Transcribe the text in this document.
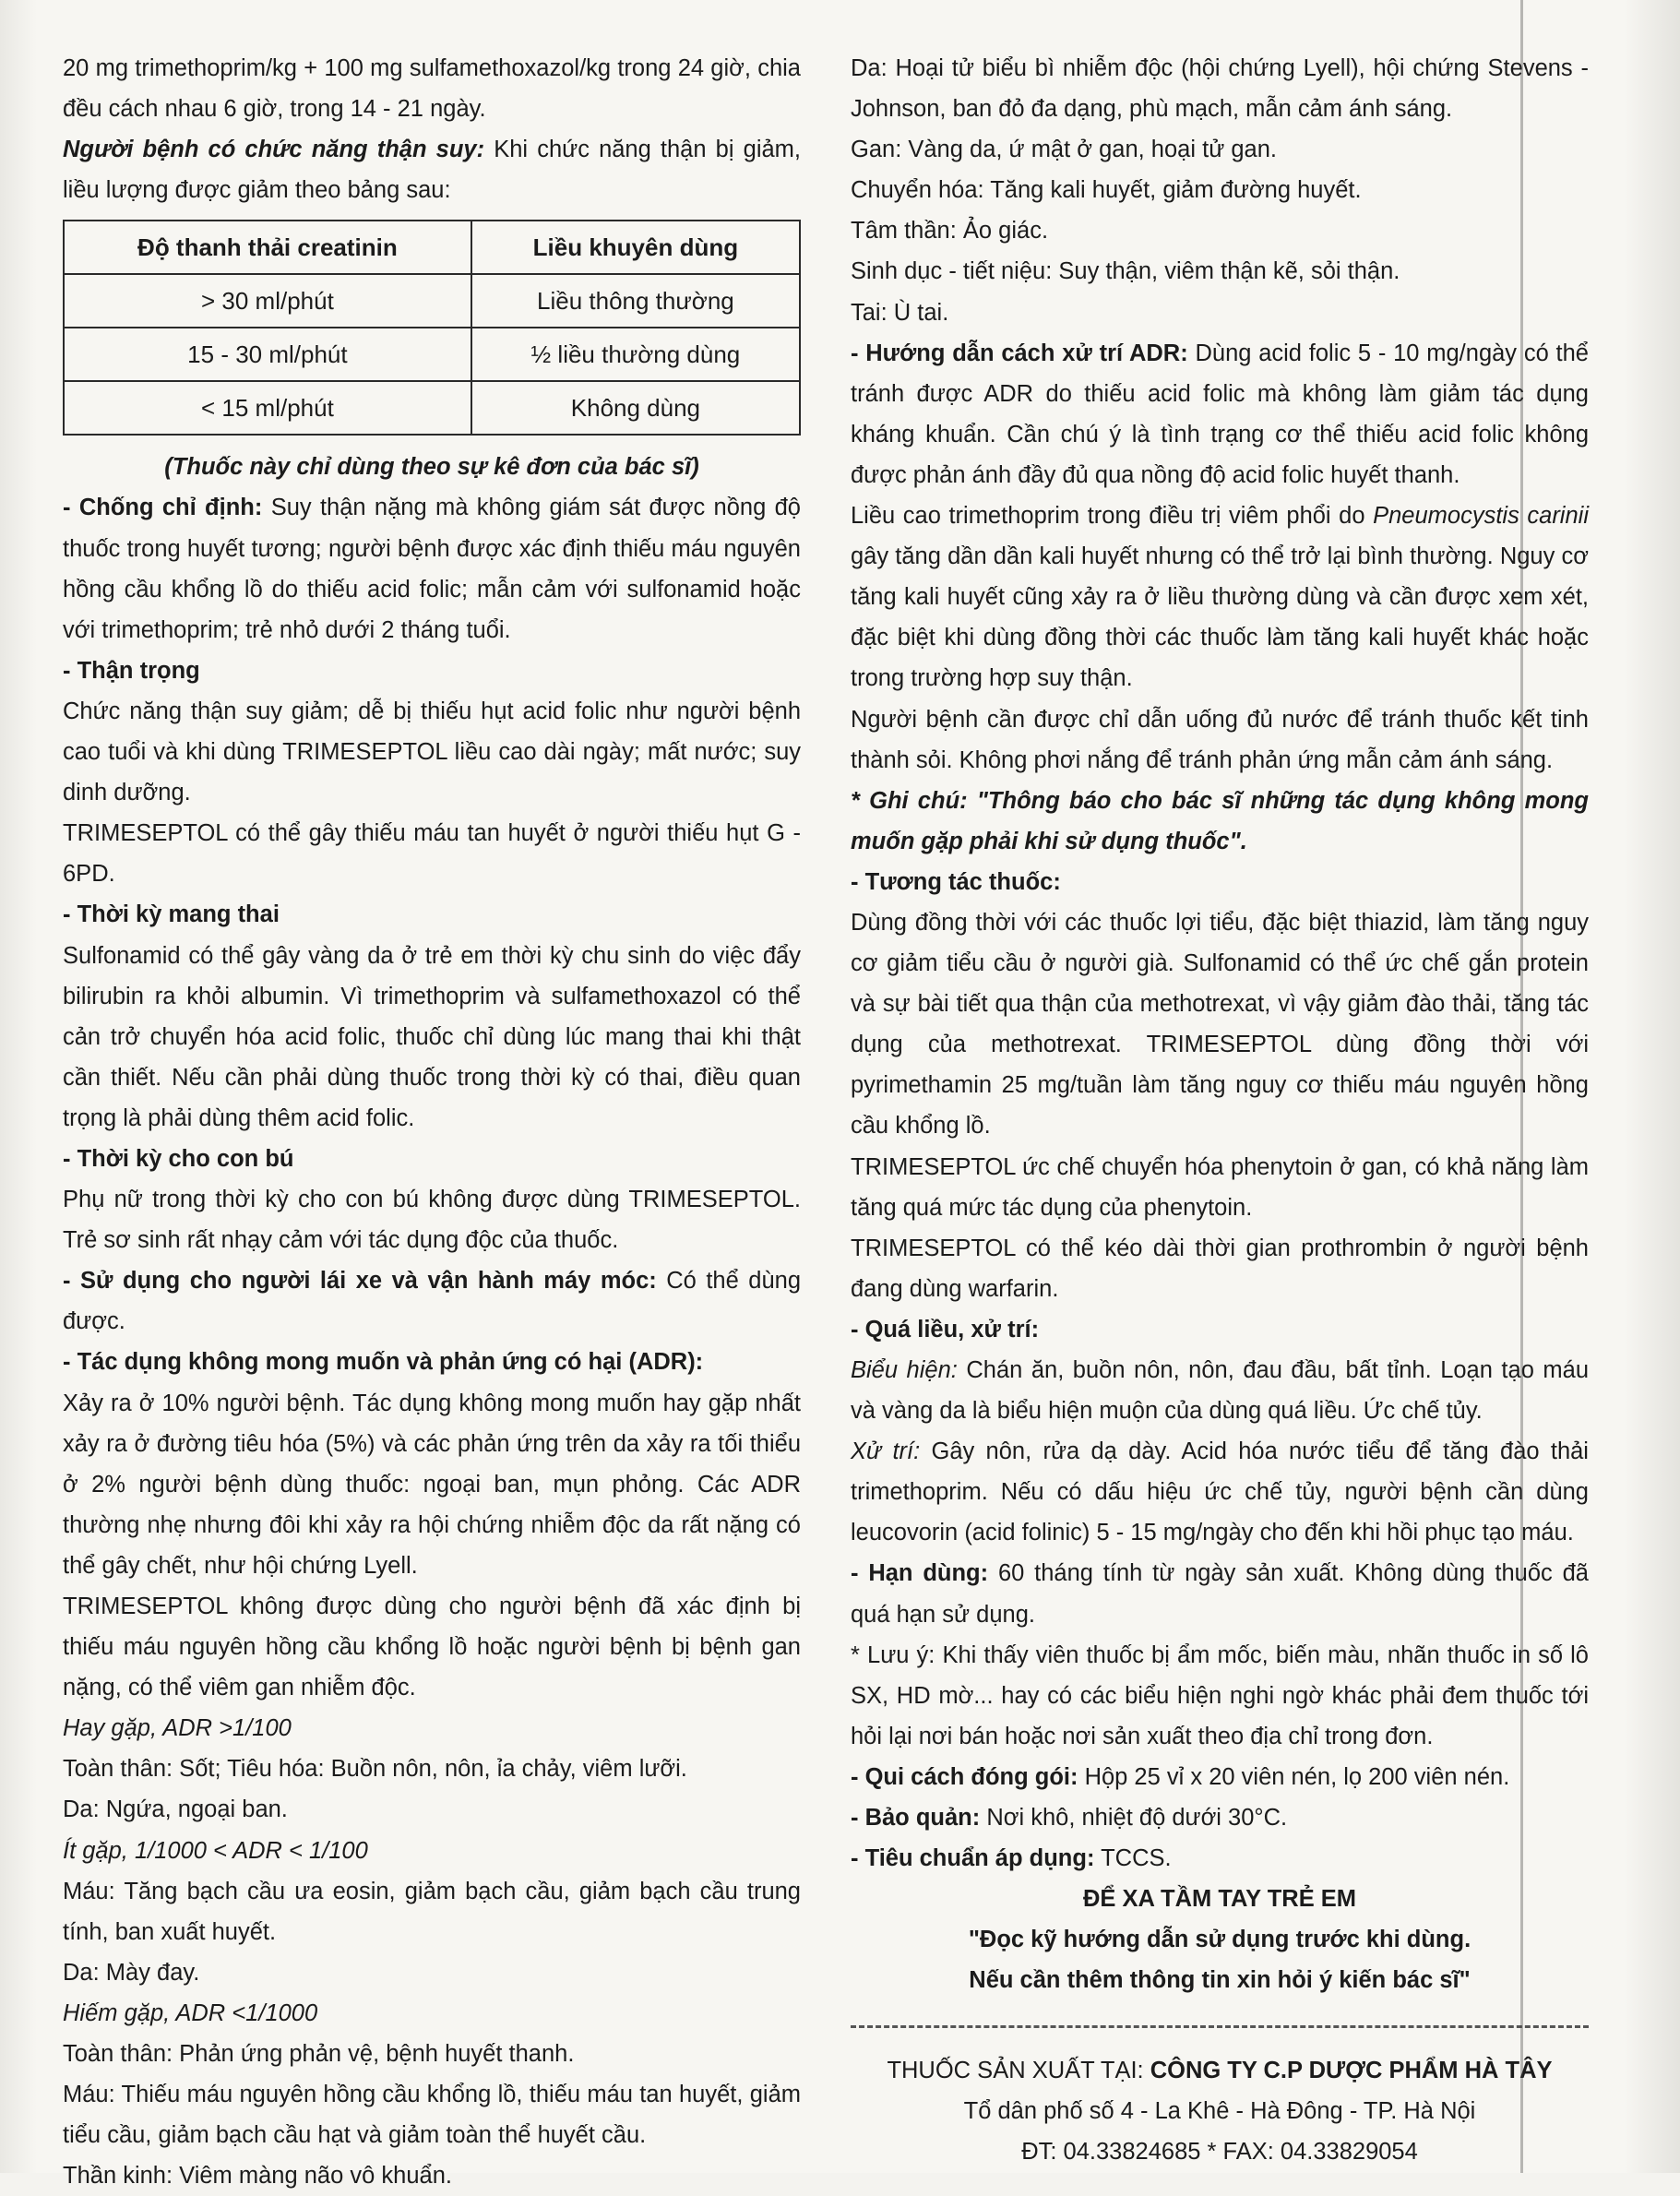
20 mg trimethoprim/kg + 100 mg sulfamethoxazol/kg trong 24 giờ, chia đều cách nhau 6 giờ, trong 14 - 21 ngày.

Người bệnh có chức năng thận suy: Khi chức năng thận bị giảm, liều lượng được giảm theo bảng sau:

Độ thanh thải creatinin	Liều khuyên dùng
> 30 ml/phút	Liều thông thường
15 - 30 ml/phút	½ liều thường dùng
< 15 ml/phút	Không dùng

(Thuốc này chỉ dùng theo sự kê đơn của bác sĩ)

- Chống chỉ định: Suy thận nặng mà không giám sát được nồng độ thuốc trong huyết tương; người bệnh được xác định thiếu máu nguyên hồng cầu khổng lồ do thiếu acid folic; mẫn cảm với sulfonamid hoặc với trimethoprim; trẻ nhỏ dưới 2 tháng tuổi.

- Thận trọng

Chức năng thận suy giảm; dễ bị thiếu hụt acid folic như người bệnh cao tuổi và khi dùng TRIMESEPTOL liều cao dài ngày; mất nước; suy dinh dưỡng.

TRIMESEPTOL có thể gây thiếu máu tan huyết ở người thiếu hụt G - 6PD.

- Thời kỳ mang thai

Sulfonamid có thể gây vàng da ở trẻ em thời kỳ chu sinh do việc đẩy bilirubin ra khỏi albumin. Vì trimethoprim và sulfamethoxazol có thể cản trở chuyển hóa acid folic, thuốc chỉ dùng lúc mang thai khi thật cần thiết. Nếu cần phải dùng thuốc trong thời kỳ có thai, điều quan trọng là phải dùng thêm acid folic.

- Thời kỳ cho con bú

Phụ nữ trong thời kỳ cho con bú không được dùng TRIMESEPTOL. Trẻ sơ sinh rất nhạy cảm với tác dụng độc của thuốc.

- Sử dụng cho người lái xe và vận hành máy móc: Có thể dùng được.

- Tác dụng không mong muốn và phản ứng có hại (ADR):

Xảy ra ở 10% người bệnh. Tác dụng không mong muốn hay gặp nhất xảy ra ở đường tiêu hóa (5%) và các phản ứng trên da xảy ra tối thiểu ở 2% người bệnh dùng thuốc: ngoại ban, mụn phỏng. Các ADR thường nhẹ nhưng đôi khi xảy ra hội chứng nhiễm độc da rất nặng có thể gây chết, như hội chứng Lyell.

TRIMESEPTOL không được dùng cho người bệnh đã xác định bị thiếu máu nguyên hồng cầu khổng lồ hoặc người bệnh bị bệnh gan nặng, có thể viêm gan nhiễm độc.

Hay gặp, ADR >1/100

Toàn thân: Sốt; Tiêu hóa: Buồn nôn, nôn, ỉa chảy, viêm lưỡi.

Da: Ngứa, ngoại ban.

Ít gặp, 1/1000 < ADR < 1/100

Máu: Tăng bạch cầu ưa eosin, giảm bạch cầu, giảm bạch cầu trung tính, ban xuất huyết.

Da: Mày đay.

Hiếm gặp, ADR <1/1000

Toàn thân: Phản ứng phản vệ, bệnh huyết thanh.

Máu: Thiếu máu nguyên hồng cầu khổng lồ, thiếu máu tan huyết, giảm tiểu cầu, giảm bạch cầu hạt và giảm toàn thể huyết cầu.

Thần kinh: Viêm màng não vô khuẩn.

Da: Hoại tử biểu bì nhiễm độc (hội chứng Lyell), hội chứng Stevens - Johnson, ban đỏ đa dạng, phù mạch, mẫn cảm ánh sáng.

Gan: Vàng da, ứ mật ở gan, hoại tử gan.

Chuyển hóa: Tăng kali huyết, giảm đường huyết.

Tâm thần: Ảo giác.

Sinh dục - tiết niệu: Suy thận, viêm thận kẽ, sỏi thận.

Tai: Ù tai.

- Hướng dẫn cách xử trí ADR: Dùng acid folic 5 - 10 mg/ngày có thể tránh được ADR do thiếu acid folic mà không làm giảm tác dụng kháng khuẩn. Cần chú ý là tình trạng cơ thể thiếu acid folic không được phản ánh đầy đủ qua nồng độ acid folic huyết thanh.

Liều cao trimethoprim trong điều trị viêm phổi do Pneumocystis carinii gây tăng dần dần kali huyết nhưng có thể trở lại bình thường. Nguy cơ tăng kali huyết cũng xảy ra ở liều thường dùng và cần được xem xét, đặc biệt khi dùng đồng thời các thuốc làm tăng kali huyết khác hoặc trong trường hợp suy thận.

Người bệnh cần được chỉ dẫn uống đủ nước để tránh thuốc kết tinh thành sỏi. Không phơi nắng để tránh phản ứng mẫn cảm ánh sáng.

* Ghi chú: "Thông báo cho bác sĩ những tác dụng không mong muốn gặp phải khi sử dụng thuốc".

- Tương tác thuốc:

Dùng đồng thời với các thuốc lợi tiểu, đặc biệt thiazid, làm tăng nguy cơ giảm tiểu cầu ở người già. Sulfonamid có thể ức chế gắn protein và sự bài tiết qua thận của methotrexat, vì vậy giảm đào thải, tăng tác dụng của methotrexat. TRIMESEPTOL dùng đồng thời với pyrimethamin 25 mg/tuần làm tăng nguy cơ thiếu máu nguyên hồng cầu khổng lồ.

TRIMESEPTOL ức chế chuyển hóa phenytoin ở gan, có khả năng làm tăng quá mức tác dụng của phenytoin.

TRIMESEPTOL có thể kéo dài thời gian prothrombin ở người bệnh đang dùng warfarin.

- Quá liều, xử trí:

Biểu hiện: Chán ăn, buồn nôn, nôn, đau đầu, bất tỉnh. Loạn tạo máu và vàng da là biểu hiện muộn của dùng quá liều. Ức chế tủy.

Xử trí: Gây nôn, rửa dạ dày. Acid hóa nước tiểu để tăng đào thải trimethoprim. Nếu có dấu hiệu ức chế tủy, người bệnh cần dùng leucovorin (acid folinic) 5 - 15 mg/ngày cho đến khi hồi phục tạo máu.

- Hạn dùng: 60 tháng tính từ ngày sản xuất. Không dùng thuốc đã quá hạn sử dụng.

* Lưu ý: Khi thấy viên thuốc bị ẩm mốc, biến màu, nhãn thuốc in số lô SX, HD mờ... hay có các biểu hiện nghi ngờ khác phải đem thuốc tới hỏi lại nơi bán hoặc nơi sản xuất theo địa chỉ trong đơn.

- Qui cách đóng gói: Hộp 25 vỉ x 20 viên nén, lọ 200 viên nén.

- Bảo quản: Nơi khô, nhiệt độ dưới 30°C.

- Tiêu chuẩn áp dụng: TCCS.

ĐỂ XA TẦM TAY TRẺ EM

"Đọc kỹ hướng dẫn sử dụng trước khi dùng.

Nếu cần thêm thông tin xin hỏi ý kiến bác sĩ"

THUỐC SẢN XUẤT TẠI: CÔNG TY C.P DƯỢC PHẨM HÀ TÂY

Tổ dân phố số 4 - La Khê - Hà Đông - TP. Hà Nội

ĐT: 04.33824685 * FAX: 04.33829054
